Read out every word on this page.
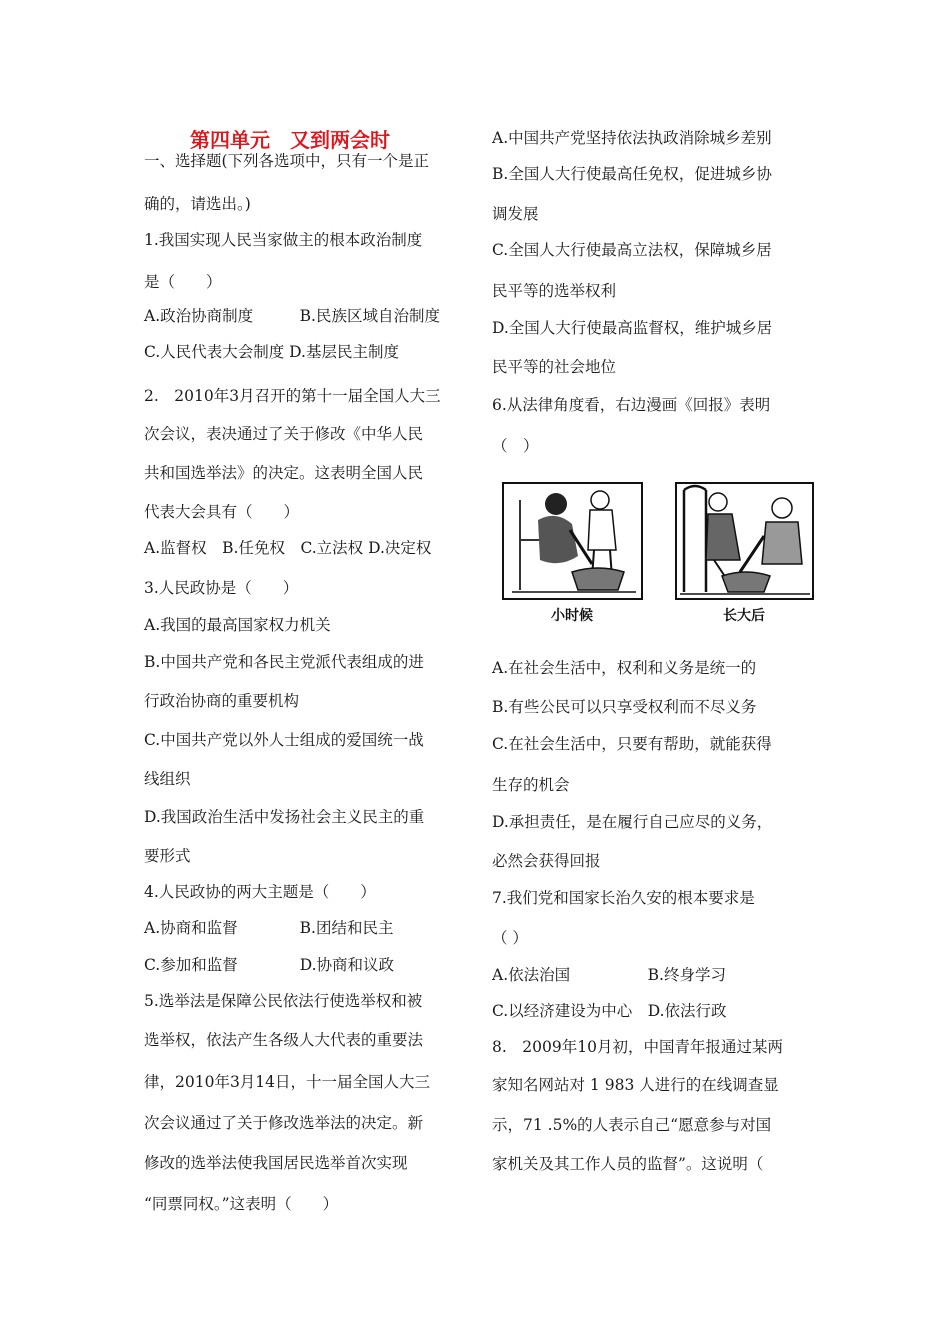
第四单元　又到两会时
一、选择题(下列各选项中，只有一个是正
确的，请选出。)
1.我国实现人民当家做主的根本政治制度
是（　　）
A.政治协商制度　　　B.民族区域自治制度
C.人民代表大会制度 D.基层民主制度
2.　2010年3月召开的第十一届全国人大三
次会议，表决通过了关于修改《中华人民
共和国选举法》的决定。这表明全国人民
代表大会具有（　　）
A.监督权　B.任免权　C.立法权 D.决定权
3.人民政协是（　　）
A.我国的最高国家权力机关
B.中国共产党和各民主党派代表组成的进
行政治协商的重要机构
C.中国共产党以外人士组成的爱国统一战
线组织
D.我国政治生活中发扬社会主义民主的重
要形式
4.人民政协的两大主题是（　　）
A.协商和监督　　　　B.团结和民主
C.参加和监督　　　　D.协商和议政
5.选举法是保障公民依法行使选举权和被
选举权，依法产生各级人大代表的重要法
律，2010年3月14日，十一届全国人大三
次会议通过了关于修改选举法的决定。新
修改的选举法使我国居民选举首次实现
“同票同权。”这表明（　　）
A.中国共产党坚持依法执政消除城乡差别
B.全国人大行使最高任免权，促进城乡协
调发展
C.全国人大行使最高立法权，保障城乡居
民平等的选举权利
D.全国人大行使最高监督权，维护城乡居
民平等的社会地位
6.从法律角度看，右边漫画《回报》表明
（　）
A.在社会生活中，权利和义务是统一的
B.有些公民可以只享受权利而不尽义务
C.在社会生活中，只要有帮助，就能获得
生存的机会
D.承担责任，是在履行自己应尽的义务，
必然会获得回报
7.我们党和国家长治久安的根本要求是
（ ）
A.依法治国　　　　　B.终身学习
C.以经济建设为中心　D.依法行政
8.　2009年10月初，中国青年报通过某两
家知名网站对 1 983 人进行的在线调查显
示，71 .5%的人表示自己“愿意参与对国
家机关及其工作人员的监督”。这说明（
小时候	长大后
